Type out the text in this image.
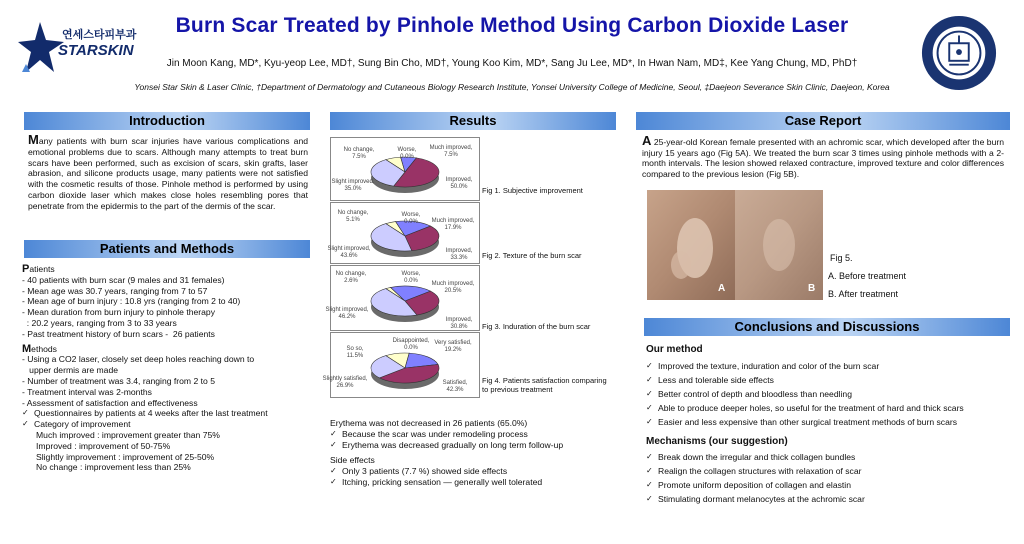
연세스타피부과
STARSKIN
Burn Scar Treated by Pinhole Method Using Carbon Dioxide Laser
Jin Moon Kang, MD*, Kyu-yeop Lee, MD†, Sung Bin Cho, MD†, Young Koo Kim, MD*, Sang Ju Lee, MD*, In Hwan Nam, MD‡, Kee Yang Chung, MD, PhD†
Yonsei Star Skin & Laser Clinic, †Department of Dermatology and Cutaneous Biology Research Institute, Yonsei University College of Medicine, Seoul, ‡Daejeon Severance Skin Clinic, Daejeon, Korea
Introduction
Many patients with burn scar injuries have various complications and emotional problems due to scars. Although many attempts to treat burn scars have been performed, such as excision of scars, skin grafts, laser abrasion, and silicone products usage, many patients were not satisfied with the cosmetic results of those. Pinhole method is performed by using carbon dioxide laser which makes close holes resembling pores that penetrate from the epidermis to the part of the dermis of the scar.
Patients and Methods
Patients
- 40 patients with burn scar (9 males and 31 females)
- Mean age was 30.7 years, ranging from 7 to 57
- Mean age of burn injury : 10.8 yrs (ranging from 2 to 40)
- Mean duration from burn injury to pinhole therapy
: 20.2 years, ranging from 3 to 33 years
- Past treatment history of burn scars -  26 patients
Methods
- Using a CO2 laser, closely set deep holes reaching down to
upper dermis are made
- Number of treatment was 3.4, ranging from 2 to 5
- Treatment interval was 2-months
- Assessment of satisfaction and effectiveness
✓ Questionnaires by patients at 4 weeks after the last treatment
✓ Category of improvement
Much improved : improvement greater than 75%
Improved : improvement of 50-75%
Slightly improvement : improvement of 25-50%
No change : improvement less than 25%
Results
No change, 7.5%
Worse, 0.0%
Much improved, 7.5%
Improved, 50.0%
Slight improved, 35.0%
No change, 5.1%
Worse, 0.0%	Much improved, 17.9%
Improved, 33.3%
Slight improved, 43.6%
No change, 2.6%
Worse, 0.0%	Much improved, 20.5%
Improved, 30.8%
Slight improved, 46.2%
So so, 11.5%
Disappointed, 0.0%
Very satisfied, 19.2%
Satisfied, 42.3%
Slightly satisfied, 26.9%
Fig 1. Subjective improvement
Fig 2. Texture of the burn scar
Fig 3. Induration of the burn scar
Fig 4. Patients satisfaction comparing to previous treatment
Erythema was not decreased in 26 patients (65.0%)
✓ Because the scar was under remodeling process
✓ Erythema was decreased gradually on long term follow-up
Side effects
✓ Only 3 patients (7.7 %) showed side effects
✓ Itching, pricking sensation — generally well tolerated
Case Report
A 25-year-old Korean female presented with an achromic scar, which developed after the burn injury 15 years ago (Fig 5A). We treated the burn scar 3 times using pinhole methods with a 2-month intervals. The lesion showed relaxed contracture, improved texture and color differences compared to the previous lesion (Fig 5B).
A	B
Fig 5.
A. Before treatment
B. After treatment
Conclusions and Discussions
Our method
✓ Improved the texture, induration and color of the burn scar
✓ Less and tolerable side effects
✓ Better control of depth and bloodless than needling
✓ Able to produce deeper holes, so useful for the treatment of hard and thick scars
✓ Easier and less expensive than other surgical treatment methods of burn scars
Mechanisms (our suggestion)
✓ Break down the irregular and thick collagen bundles
✓ Realign the collagen structures with relaxation of scar
✓ Promote uniform deposition of collagen and elastin
✓ Stimulating dormant melanocytes at the achromic scar
